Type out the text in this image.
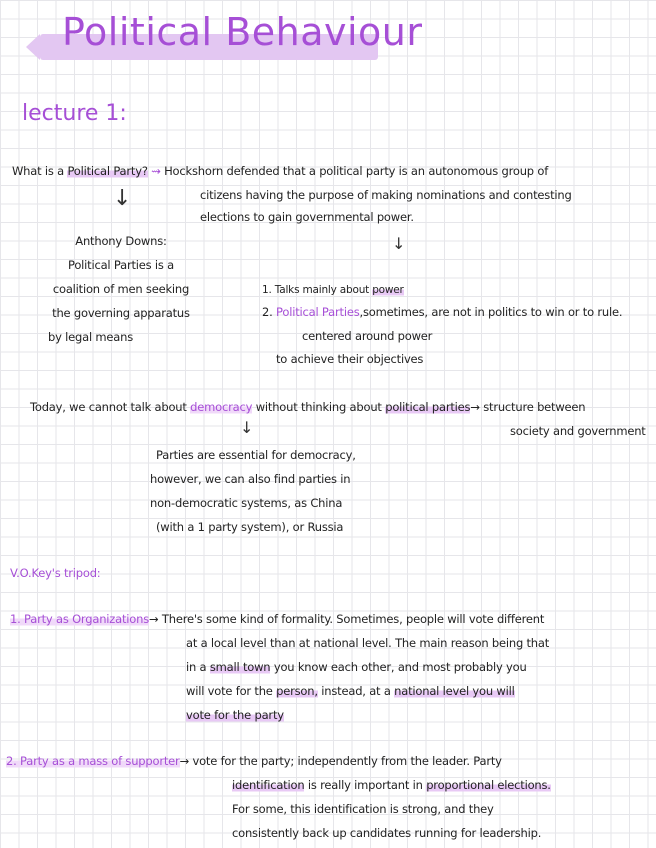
Political Behaviour
lecture 1:
What is a Political Party? ⇝ Hockshorn defended that a political party is an autonomous group of
citizens having the purpose of making nominations and contesting
elections to gain governmental power.
↓
↓
Anthony Downs:
Political Parties is a
coalition of men seeking
the governing apparatus
by legal means
1. Talks mainly about power
2. Political Parties,sometimes, are not in politics to win or to rule.
centered around power
to achieve their objectives
Today, we cannot talk about democracy without thinking about political parties→ structure between
society and government
↓
Parties are essential for democracy,
however, we can also find parties in
non-democratic systems, as China
(with a 1 party system), or Russia
V.O.Key's tripod:
1. Party as Organizations→ There's some kind of formality. Sometimes, people will vote different
at a local level than at national level. The main reason being that
in a small town you know each other, and most probably you
will vote for the person, instead, at a national level you will
vote for the party
2. Party as a mass of supporter→ vote for the party; independently from the leader. Party
identification is really important in proportional elections.
For some, this identification is strong, and they
consistently back up candidates running for leadership.
